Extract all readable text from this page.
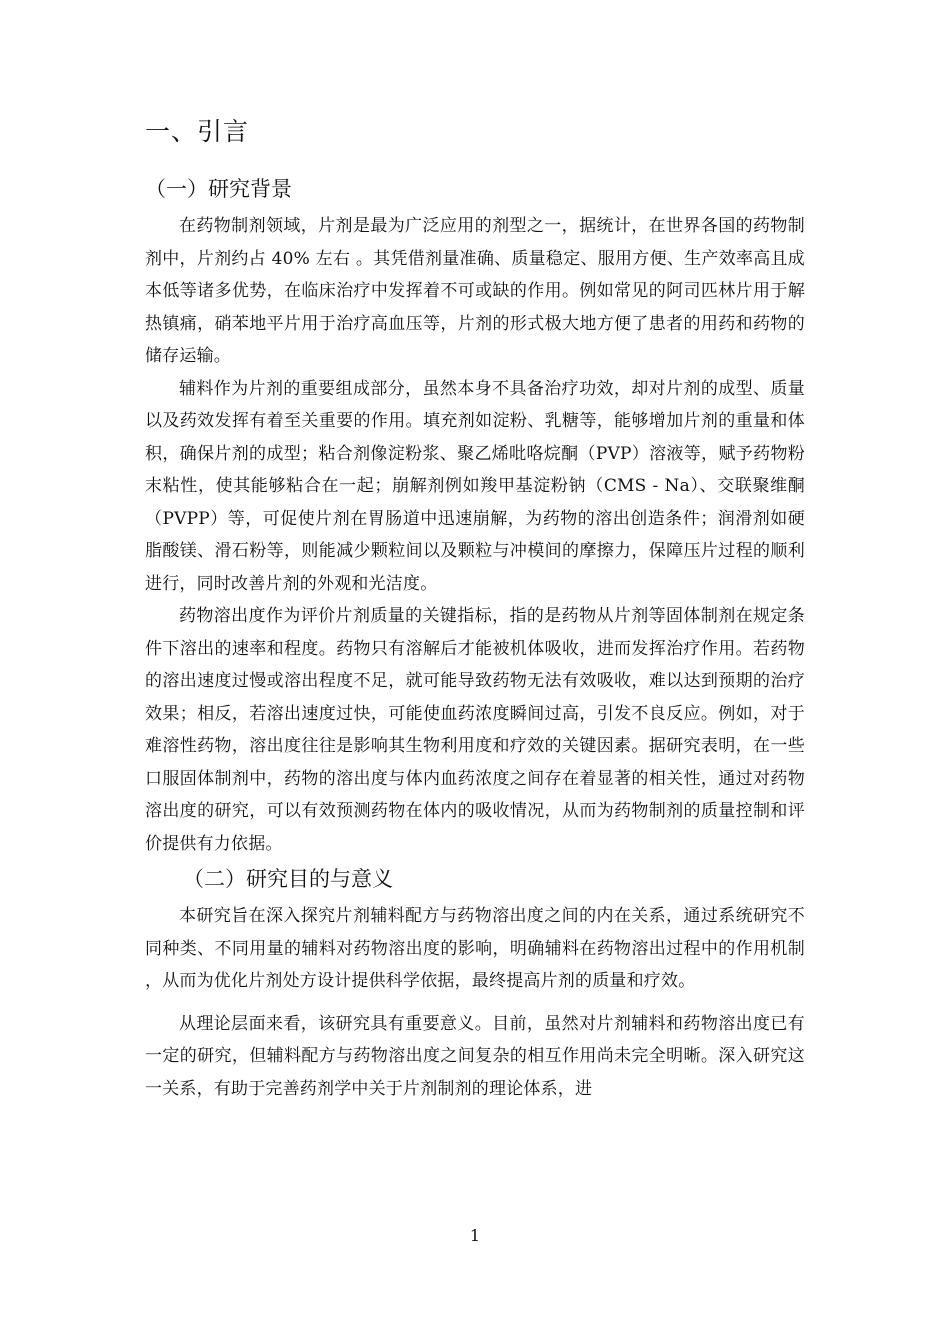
一、引言
（一）研究背景

在药物制剂领域，片剂是最为广泛应用的剂型之一，据统计，在世界各国的药物制剂中，片剂约占 40% 左右 。其凭借剂量准确、质量稳定、服用方便、生产效率高且成本低等诸多优势，在临床治疗中发挥着不可或缺的作用。例如常见的阿司匹林片用于解热镇痛，硝苯地平片用于治疗高血压等，片剂的形式极大地方便了患者的用药和药物的储存运输。

辅料作为片剂的重要组成部分，虽然本身不具备治疗功效，却对片剂的成型、质量以及药效发挥有着至关重要的作用。填充剂如淀粉、乳糖等，能够增加片剂的重量和体积，确保片剂的成型；粘合剂像淀粉浆、聚乙烯吡咯烷酮（PVP）溶液等，赋予药物粉末粘性，使其能够粘合在一起；崩解剂例如羧甲基淀粉钠（CMS - Na）、交联聚维酮（PVPP）等，可促使片剂在胃肠道中迅速崩解，为药物的溶出创造条件；润滑剂如硬脂酸镁、滑石粉等，则能减少颗粒间以及颗粒与冲模间的摩擦力，保障压片过程的顺利进行，同时改善片剂的外观和光洁度。

药物溶出度作为评价片剂质量的关键指标，指的是药物从片剂等固体制剂在规定条件下溶出的速率和程度。药物只有溶解后才能被机体吸收，进而发挥治疗作用。若药物的溶出速度过慢或溶出程度不足，就可能导致药物无法有效吸收，难以达到预期的治疗效果；相反，若溶出速度过快，可能使血药浓度瞬间过高，引发不良反应。例如，对于难溶性药物，溶出度往往是影响其生物利用度和疗效的关键因素。据研究表明，在一些口服固体制剂中，药物的溶出度与体内血药浓度之间存在着显著的相关性，通过对药物溶出度的研究，可以有效预测药物在体内的吸收情况，从而为药物制剂的质量控制和评价提供有力依据。

（二）研究目的与意义

本研究旨在深入探究片剂辅料配方与药物溶出度之间的内在关系，通过系统研究不同种类、不同用量的辅料对药物溶出度的影响，明确辅料在药物溶出过程中的作用机制 ，从而为优化片剂处方设计提供科学依据，最终提高片剂的质量和疗效。

从理论层面来看，该研究具有重要意义。目前，虽然对片剂辅料和药物溶出度已有一定的研究，但辅料配方与药物溶出度之间复杂的相互作用尚未完全明晰。深入研究这一关系，有助于完善药剂学中关于片剂制剂的理论体系，进

1
